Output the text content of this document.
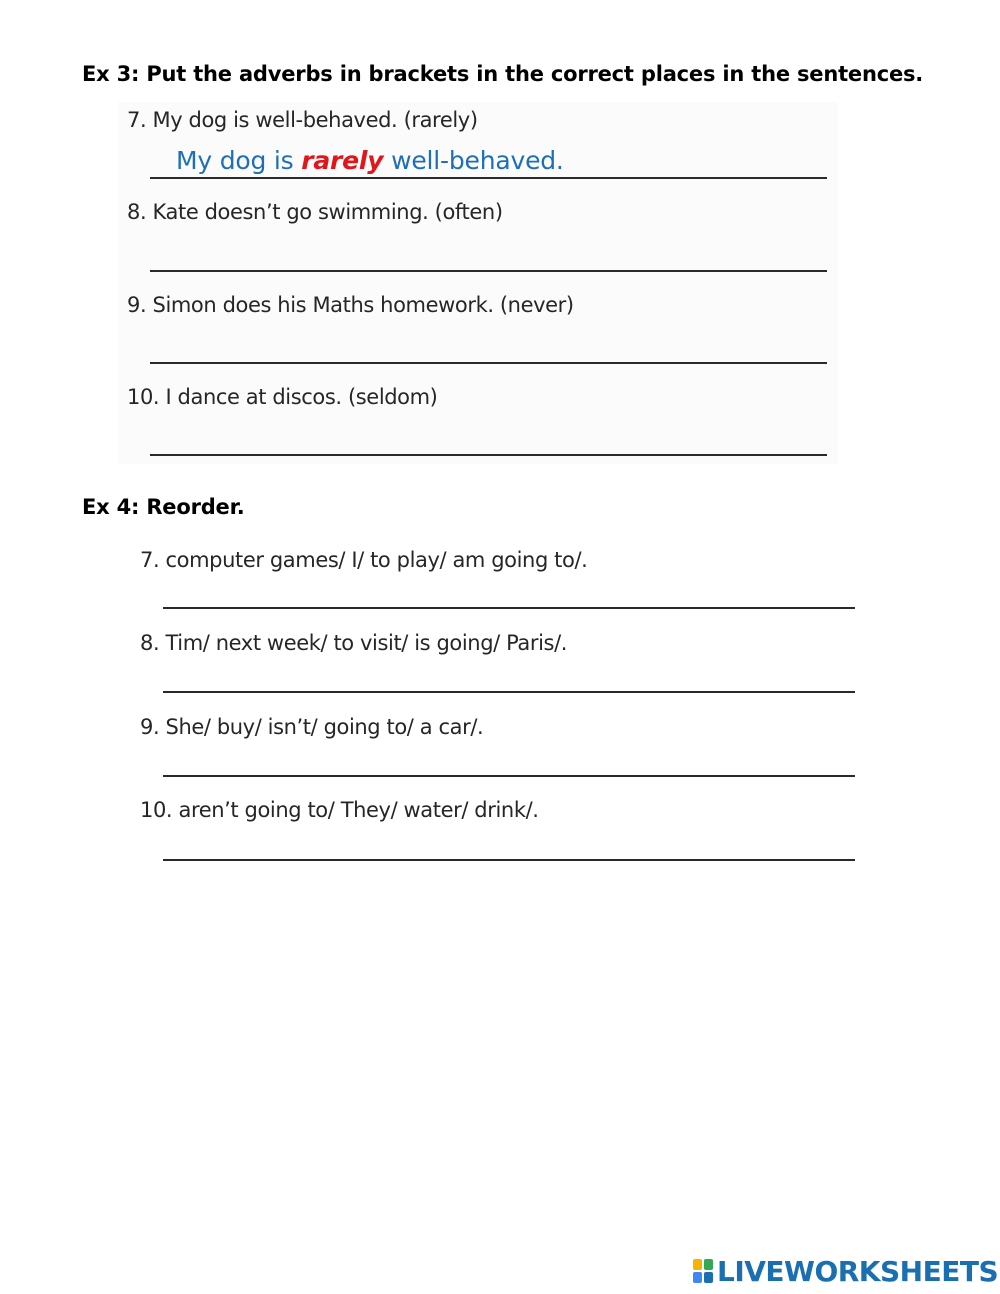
Ex 3: Put the adverbs in brackets in the correct places in the sentences.
7. My dog is well-behaved. (rarely)
My dog is rarely well-behaved.
8. Kate doesn’t go swimming. (often)
9. Simon does his Maths homework. (never)
10. I dance at discos. (seldom)
Ex 4: Reorder.
7. computer games/ I/ to play/ am going to/.
8. Tim/ next week/ to visit/ is going/ Paris/.
9. She/ buy/ isn’t/ going to/ a car/.
10. aren’t going to/ They/ water/ drink/.
LIVEWORKSHEETS
